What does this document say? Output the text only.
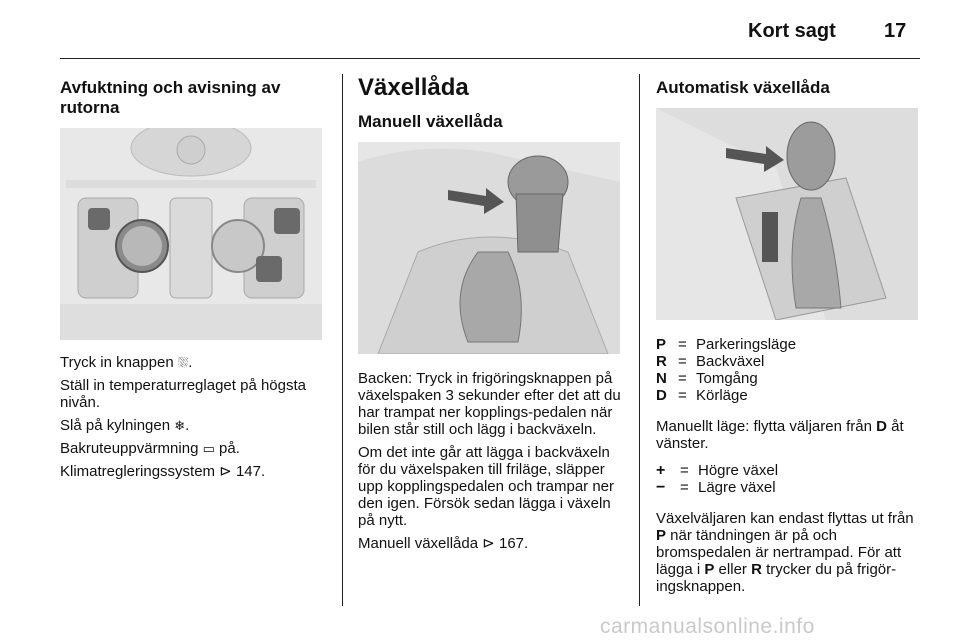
Kort sagt 17
Avfuktning och avisning av rutorna

Tryck in knappen ⛆.

Ställ in temperaturreglaget på högsta nivån.

Slå på kylningen ❄.

Bakruteuppvärmning ▭ på.

Klimatregleringssystem ⊳ 147.

Växellåda
Manuell växellåda

Backen: Tryck in frigöringsknappen på växelspaken 3 sekunder efter det att du har trampat ner kopplings-pedalen när bilen står still och lägg i backväxeln.

Om det inte går att lägga i backväxeln för du växelspaken till friläge, släpper upp kopplingspedalen och trampar ner den igen. Försök sedan lägga i växeln på nytt.

Manuell växellåda ⊳ 167.

Automatisk växellåda
P = Parkeringsläge
R = Backväxel
N = Tomgång
D = Körläge

Manuellt läge: flytta väljaren från D åt vänster.

+ = Högre växel
− = Lägre växel

Växelväljaren kan endast flyttas ut från P när tändningen är på och bromspedalen är nertrampad. För att lägga i P eller R trycker du på frigör-ingsknappen.

carmanualsonline.info
